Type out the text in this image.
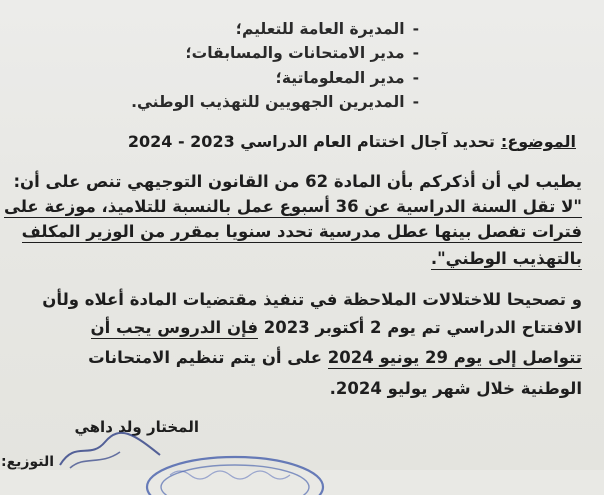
-المديرة العامة للتعليم؛
-مدير الامتحانات والمسابقات؛
-مدير المعلوماتية؛
-المديرين الجهويين للتهذيب الوطني.
الموضوع:تحديد آجال اختتام العام الدراسي 2023 - 2024
يطيب لي أن أذكركم بأن المادة 62 من القانون التوجيهي تنص على أن:
"لا تقل السنة الدراسية عن 36 أسبوع عمل بالنسبة للتلاميذ، موزعة على
فترات تفصل بينها عطل مدرسية تحدد سنويا بمقرر من الوزير المكلف
بالتهذيب الوطني".
و تصحيحا للاختلالات الملاحظة في تنفيذ مقتضيات المادة أعلاه ولأن
الافتتاح الدراسي تم يوم 2 أكتوبر 2023 فإن الدروس يجب أن
تتواصل إلى يوم 29 يونيو 2024 على أن يتم تنظيم الامتحانات
الوطنية خلال شهر يوليو 2024.
المختار ولد داهي
التوزيع:
